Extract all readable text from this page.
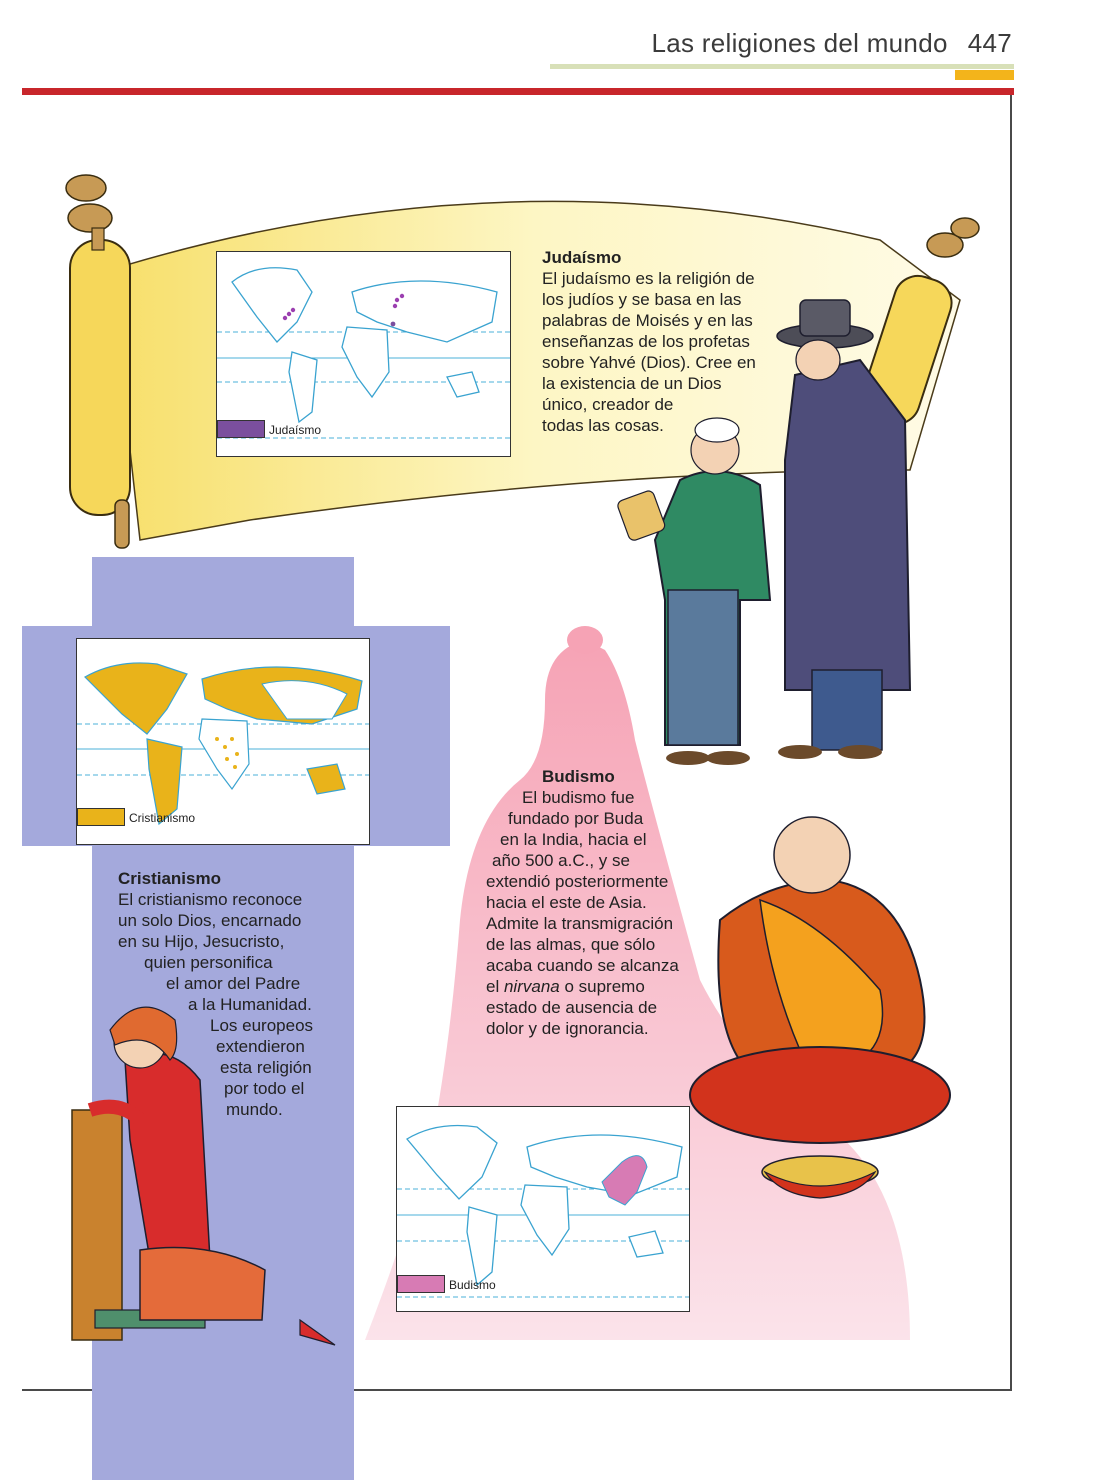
Las religiones del mundo 447
Judaísmo
Judaísmo
El judaísmo es la religión de
los judíos y se basa en las
palabras de Moisés y en las
enseñanzas de los profetas
sobre Yahvé (Dios). Cree en
la existencia de un Dios
único, creador de
todas las cosas.
Cristianismo
Cristianismo
El cristianismo reconoce
un solo Dios, encarnado
en su Hijo, Jesucristo,
quien personifica
el amor del Padre
a la Humanidad.
Los europeos
extendieron
esta religión
por todo el
mundo.
Budismo
El budismo fue
fundado por Buda
en la India, hacia el
año 500 a.C., y se
extendió posteriormente
hacia el este de Asia.
Admite la transmigración
de las almas, que sólo
acaba cuando se alcanza
el nirvana o supremo
estado de ausencia de
dolor y de ignorancia.
Budismo
